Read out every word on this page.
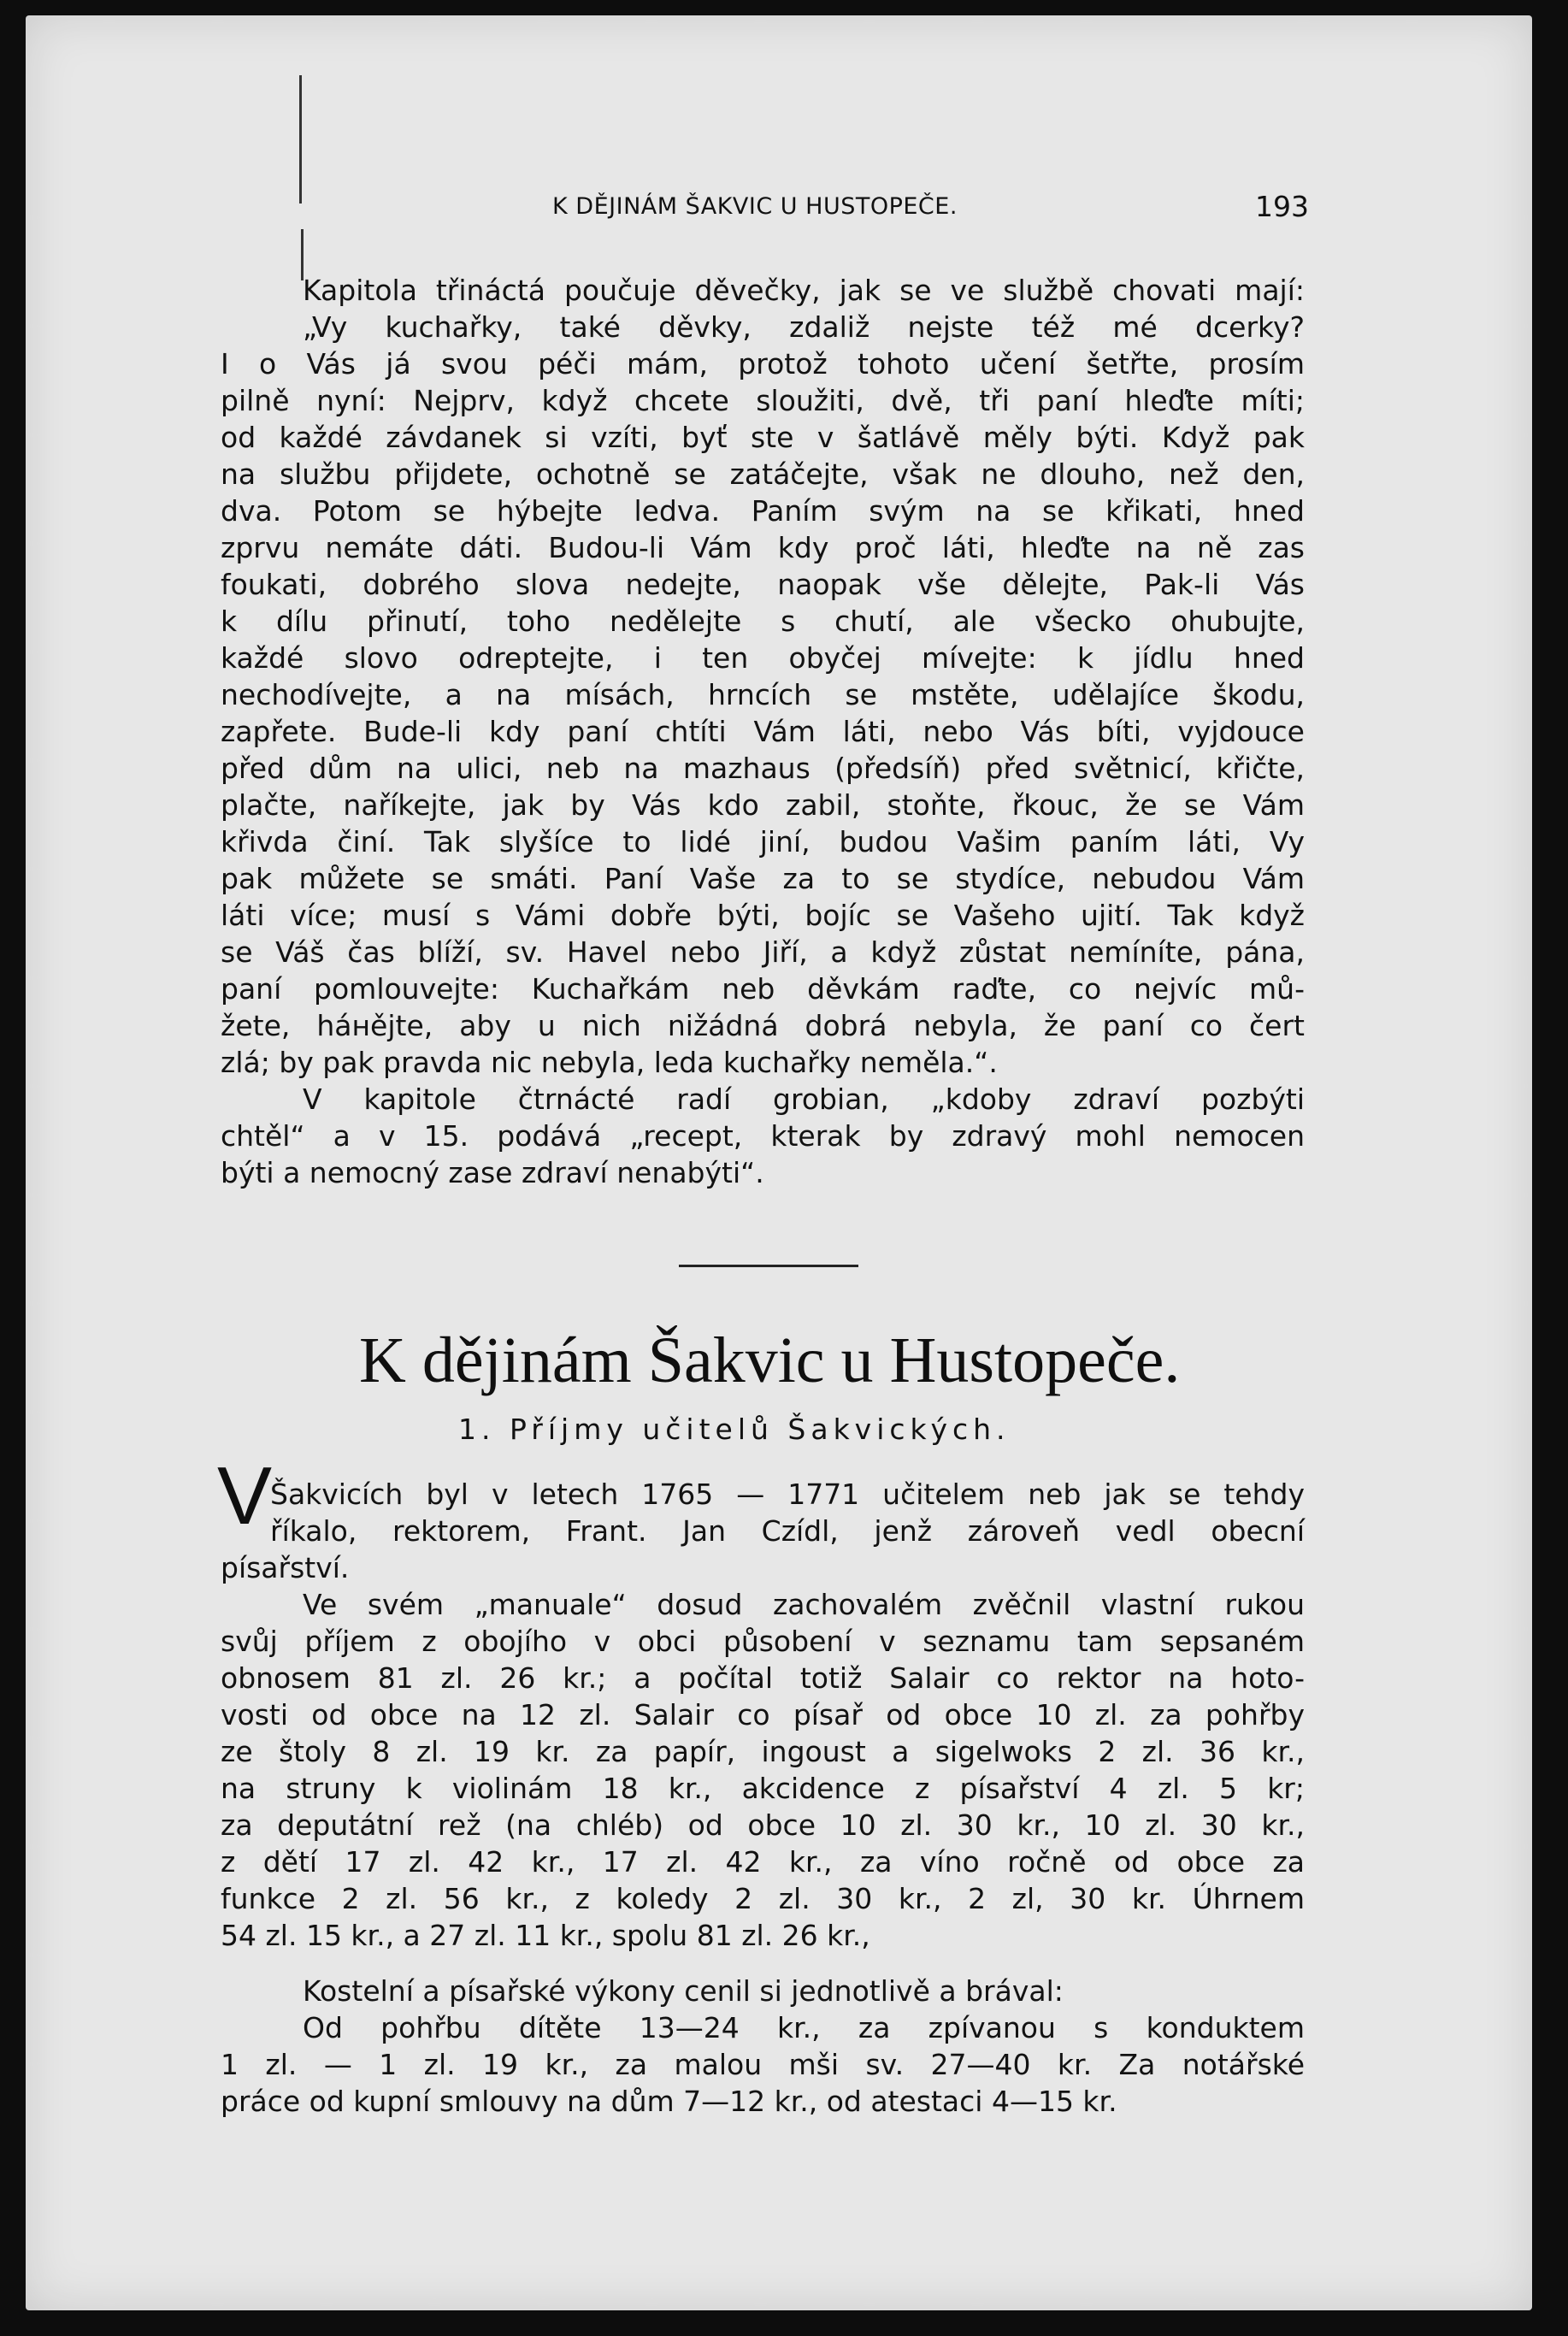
K DĚJINÁM ŠAKVIC U HUSTOPEČE.	193
Kapitola třináctá poučuje děvečky, jak se ve službě chovati mají:
„Vy kuchařky, také děvky, zdaliž nejste též mé dcerky?
I o Vás já svou péči mám, protož tohoto učení šetřte, prosím
pilně nyní: Nejprv, když chcete sloužiti, dvě, tři paní hleďte míti;
od každé závdanek si vzíti, byť ste v šatlávě měly býti. Když pak
na službu přijdete, ochotně se zatáčejte, však ne dlouho, než den,
dva. Potom se hýbejte ledva. Paním svým na se křikati, hned
zprvu nemáte dáti. Budou-li Vám kdy proč láti, hleďte na ně zas
foukati, dobrého slova nedejte, naopak vše dělejte, Pak-li Vás
k dílu přinutí, toho nedělejte s chutí, ale všecko ohubujte,
každé slovo odreptejte, i ten obyčej mívejte: k jídlu hned
nechodívejte, a na mísách, hrncích se mstěte, udělajíce škodu,
zapřete. Bude-li kdy paní chtíti Vám láti, nebo Vás bíti, vyjdouce
před dům na ulici, neb na mazhaus (předsíň) před světnicí, křičte,
plačte, naříkejte, jak by Vás kdo zabil, stoňte, řkouc, že se Vám
křivda činí. Tak slyšíce to lidé jiní, budou Vašim paním láti, Vy
pak můžete se smáti. Paní Vaše za to se stydíce, nebudou Vám
láti více; musí s Vámi dobře býti, bojíc se Vašeho ujití. Tak když
se Váš čas blíží, sv. Havel nebo Jiří, a když zůstat nemíníte, pána,
paní pomlouvejte: Kuchařkám neb děvkám raďte, co nejvíc mů-
žete, háнějte, aby u nich nižádná dobrá nebyla, že paní co čert
zlá; by pak pravda nic nebyla, leda kuchařky neměla.“.
V kapitole čtrnácté radí grobian, „kdoby zdraví pozbýti
chtěl“ a v 15. podává „recept, kterak by zdravý mohl nemocen
býti a nemocný zase zdraví nenabýti“.
K dějinám Šakvic u Hustopeče.
1. Příjmy učitelů Šakvických.
V
Šakvicích byl v letech 1765 — 1771 učitelem neb jak se tehdy
říkalo, rektorem, Frant. Jan Czídl, jenž zároveň vedl obecní
písařství.
Ve svém „manuale“ dosud zachovalém zvěčnil vlastní rukou
svůj příjem z obojího v obci působení v seznamu tam sepsaném
obnosem 81 zl. 26 kr.; a počítal totiž Salair co rektor na hoto-
vosti od obce na 12 zl. Salair co písař od obce 10 zl. za pohřby
ze štoly 8 zl. 19 kr. za papír, ingoust a sigelwoks 2 zl. 36 kr.,
na struny k violinám 18 kr., akcidence z písařství 4 zl. 5 kr;
za deputátní rež (na chléb) od obce 10 zl. 30 kr., 10 zl. 30 kr.,
z dětí 17 zl. 42 kr., 17 zl. 42 kr., za víno ročně od obce za
funkce 2 zl. 56 kr., z koledy 2 zl. 30 kr., 2 zl, 30 kr. Úhrnem
54 zl. 15 kr., a 27 zl. 11 kr., spolu 81 zl. 26 kr.,
Kostelní a písařské výkony cenil si jednotlivě a brával:
Od pohřbu dítěte 13—24 kr., za zpívanou s konduktem
1 zl. — 1 zl. 19 kr., za malou mši sv. 27—40 kr. Za notářské
práce od kupní smlouvy na dům 7—12 kr., od atestaci 4—15 kr.
